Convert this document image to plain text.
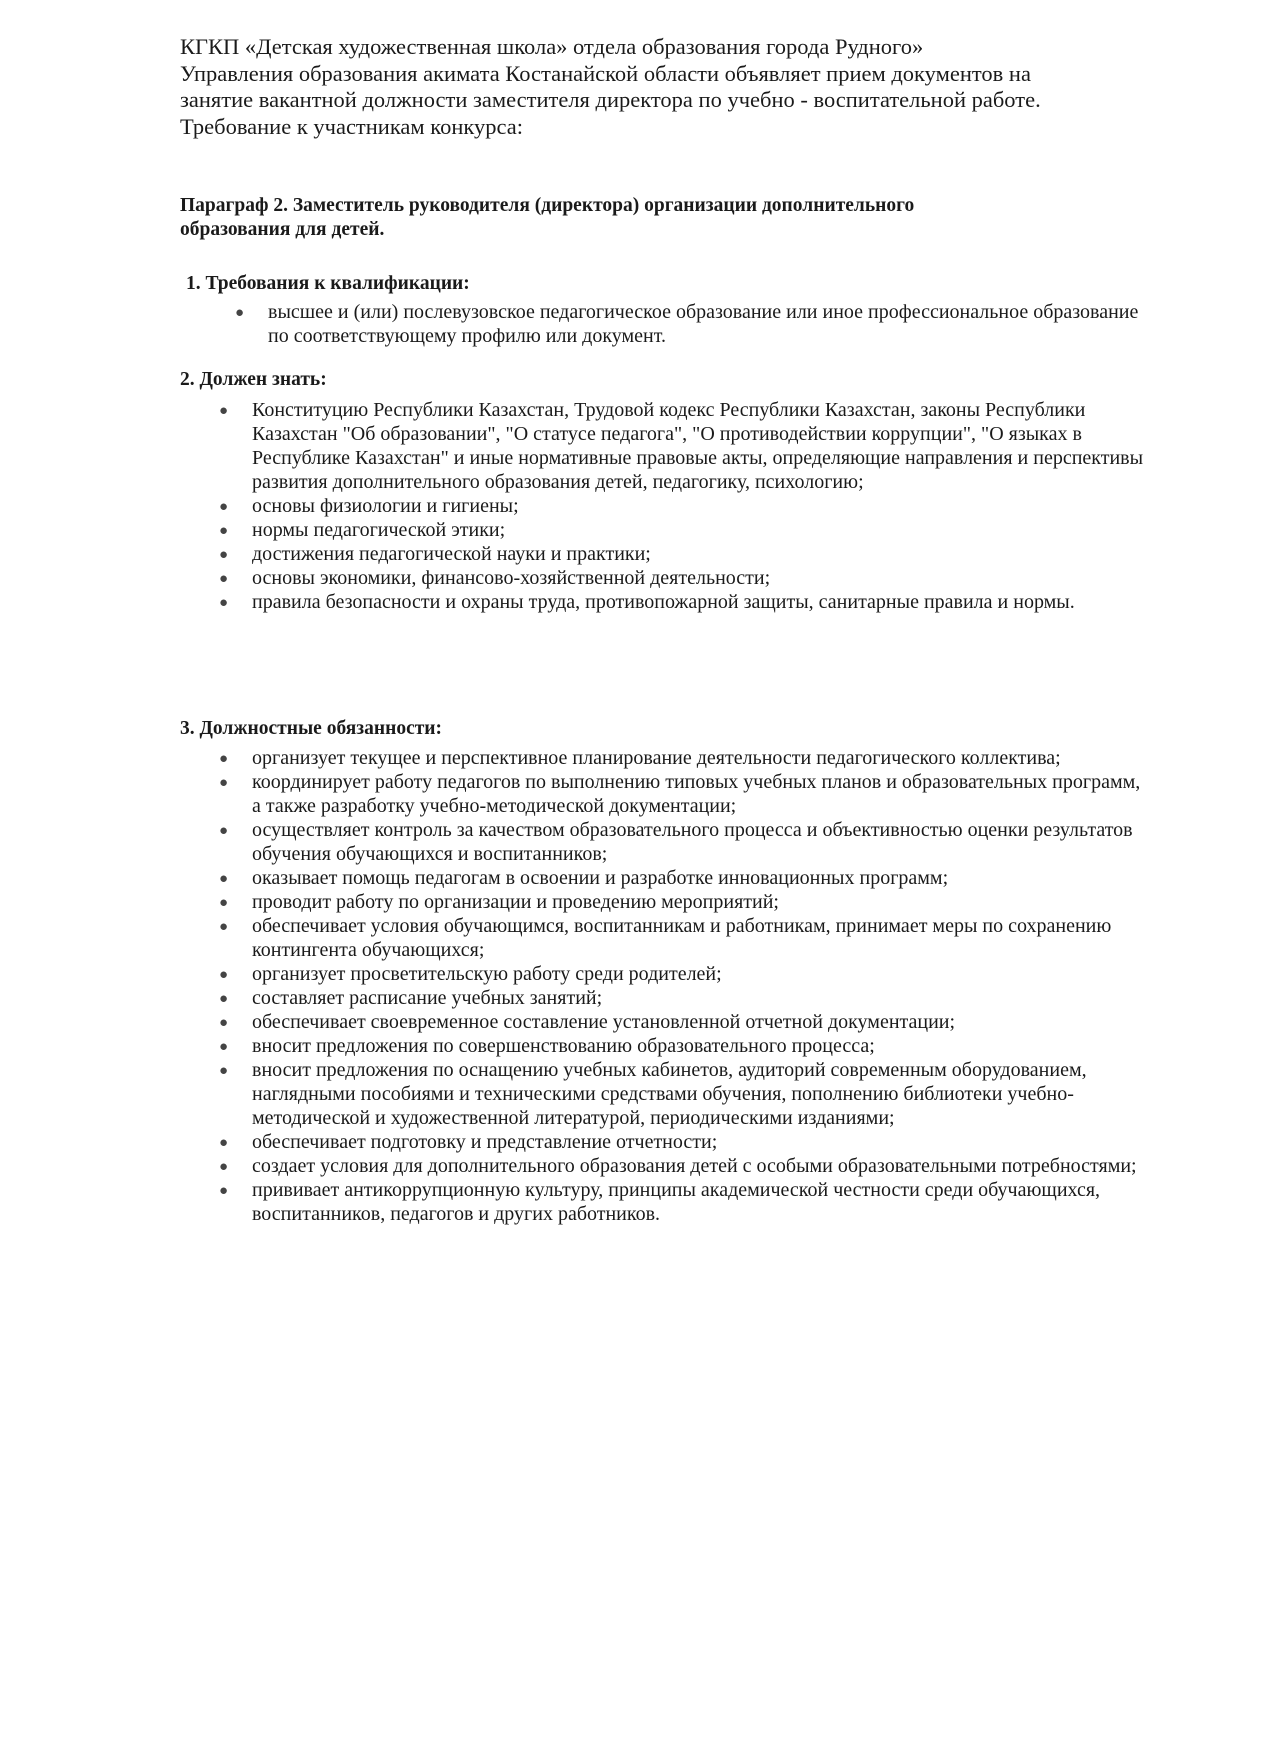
КГКП «Детская художественная школа» отдела образования города Рудного»
Управления образования акимата Костанайской области объявляет прием документов на
занятие вакантной должности заместителя директора по учебно - воспитательной работе.
Требование к участникам конкурса:

Параграф 2. Заместитель руководителя (директора) организации дополнительного
образования для детей.

1. Требования к квалификации:

● высшее и (или) послевузовское педагогическое образование или иное профессиональное образование по соответствующему профилю или документ.

2. Должен знать:

● Конституцию Республики Казахстан, Трудовой кодекс Республики Казахстан, законы Республики Казахстан "Об образовании", "О статусе педагога", "О противодействии коррупции", "О языках в Республике Казахстан" и иные нормативные правовые акты, определяющие направления и перспективы развития дополнительного образования детей, педагогику, психологию;
● основы физиологии и гигиены;
● нормы педагогической этики;
● достижения педагогической науки и практики;
● основы экономики, финансово-хозяйственной деятельности;
● правила безопасности и охраны труда, противопожарной защиты, санитарные правила и нормы.

3. Должностные обязанности:

● организует текущее и перспективное планирование деятельности педагогического коллектива;
● координирует работу педагогов по выполнению типовых учебных планов и образовательных программ, а также разработку учебно-методической документации;
● осуществляет контроль за качеством образовательного процесса и объективностью оценки результатов обучения обучающихся и воспитанников;
● оказывает помощь педагогам в освоении и разработке инновационных программ;
● проводит работу по организации и проведению мероприятий;
● обеспечивает условия обучающимся, воспитанникам и работникам, принимает меры по сохранению контингента обучающихся;
● организует просветительскую работу среди родителей;
● составляет расписание учебных занятий;
● обеспечивает своевременное составление установленной отчетной документации;
● вносит предложения по совершенствованию образовательного процесса;
● вносит предложения по оснащению учебных кабинетов, аудиторий современным оборудованием, наглядными пособиями и техническими средствами обучения, пополнению библиотеки учебно-методической и художественной литературой, периодическими изданиями;
● обеспечивает подготовку и представление отчетности;
● создает условия для дополнительного образования детей с особыми образовательными потребностями;
● прививает антикоррупционную культуру, принципы академической честности среди обучающихся, воспитанников, педагогов и других работников.
